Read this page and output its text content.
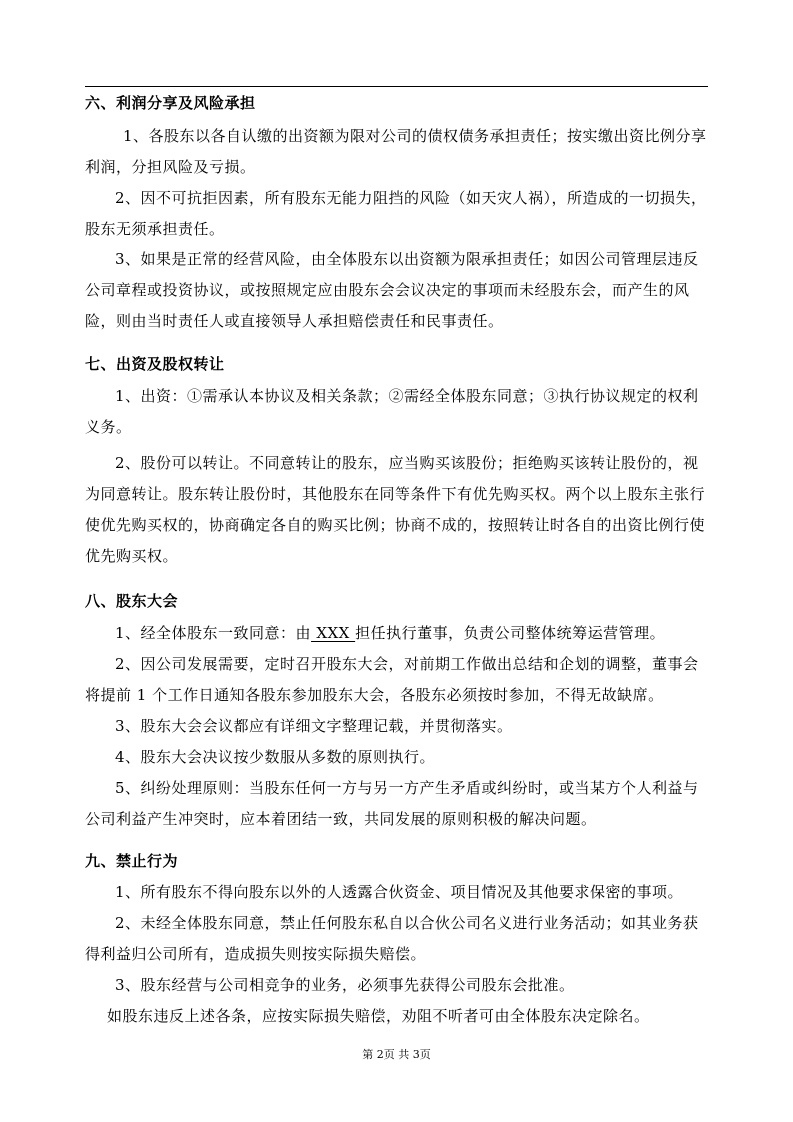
六、利润分享及风险承担

1、各股东以各自认缴的出资额为限对公司的债权债务承担责任；按实缴出资比例分享利润，分担风险及亏损。

2、因不可抗拒因素，所有股东无能力阻挡的风险（如天灾人祸），所造成的一切损失，股东无须承担责任。

3、如果是正常的经营风险，由全体股东以出资额为限承担责任；如因公司管理层违反公司章程或投资协议，或按照规定应由股东会会议决定的事项而未经股东会，而产生的风险，则由当时责任人或直接领导人承担赔偿责任和民事责任。

七、出资及股权转让

1、出资：①需承认本协议及相关条款；②需经全体股东同意；③执行协议规定的权利义务。

2、股份可以转让。不同意转让的股东，应当购买该股份；拒绝购买该转让股份的，视为同意转让。股东转让股份时，其他股东在同等条件下有优先购买权。两个以上股东主张行使优先购买权的，协商确定各自的购买比例；协商不成的，按照转让时各自的出资比例行使优先购买权。

八、股东大会

1、经全体股东一致同意：由 XXX 担任执行董事，负责公司整体统筹运营管理。

2、因公司发展需要，定时召开股东大会，对前期工作做出总结和企划的调整，董事会将提前 1 个工作日通知各股东参加股东大会，各股东必须按时参加，不得无故缺席。

3、股东大会会议都应有详细文字整理记载，并贯彻落实。

4、股东大会决议按少数服从多数的原则执行。

5、纠纷处理原则：当股东任何一方与另一方产生矛盾或纠纷时，或当某方个人利益与公司利益产生冲突时，应本着团结一致，共同发展的原则积极的解决问题。

九、禁止行为

1、所有股东不得向股东以外的人透露合伙资金、项目情况及其他要求保密的事项。

2、未经全体股东同意，禁止任何股东私自以合伙公司名义进行业务活动；如其业务获得利益归公司所有，造成损失则按实际损失赔偿。

3、股东经营与公司相竞争的业务，必须事先获得公司股东会批准。

如股东违反上述各条，应按实际损失赔偿，劝阻不听者可由全体股东决定除名。

第 2页 共 3页
